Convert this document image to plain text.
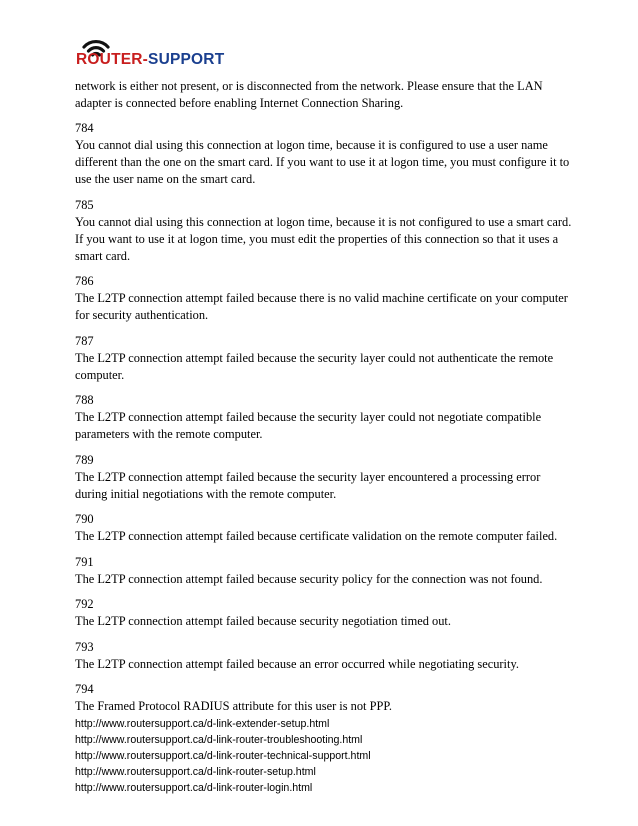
ROUTER-SUPPORT

network is either not present, or is disconnected from the network. Please ensure that the LAN adapter is connected before enabling Internet Connection Sharing.

784
You cannot dial using this connection at logon time, because it is configured to use a user name different than the one on the smart card. If you want to use it at logon time, you must configure it to use the user name on the smart card.
785
You cannot dial using this connection at logon time, because it is not configured to use a smart card. If you want to use it at logon time, you must edit the properties of this connection so that it uses a smart card.
786
The L2TP connection attempt failed because there is no valid machine certificate on your computer for security authentication.
787
The L2TP connection attempt failed because the security layer could not authenticate the remote computer.
788
The L2TP connection attempt failed because the security layer could not negotiate compatible parameters with the remote computer.
789
The L2TP connection attempt failed because the security layer encountered a processing error during initial negotiations with the remote computer.
790
The L2TP connection attempt failed because certificate validation on the remote computer failed.
791
The L2TP connection attempt failed because security policy for the connection was not found.
792
The L2TP connection attempt failed because security negotiation timed out.
793
The L2TP connection attempt failed because an error occurred while negotiating security.
794
The Framed Protocol RADIUS attribute for this user is not PPP.
http://www.routersupport.ca/d-link-extender-setup.html
http://www.routersupport.ca/d-link-router-troubleshooting.html
http://www.routersupport.ca/d-link-router-technical-support.html
http://www.routersupport.ca/d-link-router-setup.html
http://www.routersupport.ca/d-link-router-login.html
